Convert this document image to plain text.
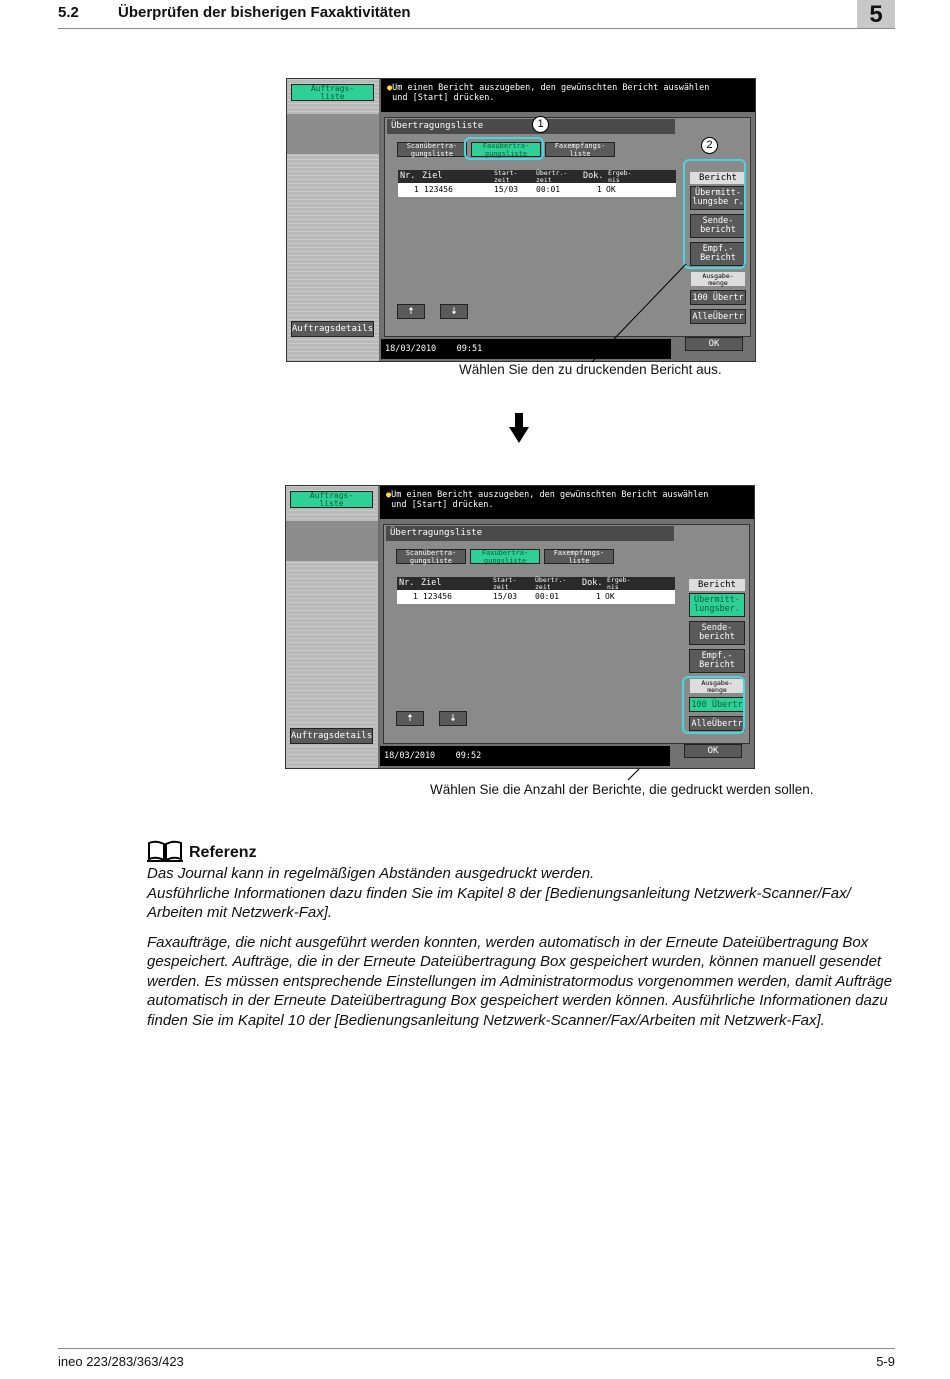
5.2	Überprüfen der bisherigen Faxaktivitäten	5
Auftrags-
liste
Auftragsdetails
●Um einen Bericht auszugeben, den gewünschten Bericht auswählen
und [Start] drücken.
Übertragungsliste
Scanübertra-
gungsliste
Faxübertra-
gungsliste
Faxempfangs-
liste
Nr. Ziel	Start-
zeit
Übertr.-
zeit	Dok. Ergeb-
nis
1 123456	15/03 00:01	1 OK
Bericht
Übermitt-
lungsbe r.
Sende-
bericht
Empf.-
Bericht
Ausgabe-
menge
100 Übertr
AlleÜbertr
🠅	🠇
18/03/2010    09:51	OK
1
2
Wählen Sie den zu druckenden Bericht aus.
Auftrags-
liste
Auftragsdetails
●Um einen Bericht auszugeben, den gewünschten Bericht auswählen
und [Start] drücken.
Übertragungsliste
Scanübertra-
gungsliste
Faxübertra-
gungsliste
Faxempfangs-
liste
Nr. Ziel	Start-
zeit
Übertr.-
zeit	Dok. Ergeb-
nis
1 123456	15/03 00:01	1 OK
Bericht
Übermitt-
lungsber.
Sende-
bericht
Empf.-
Bericht
Ausgabe-
menge
100 Übertr
AlleÜbertr
🠅	🠇
18/03/2010    09:52	OK
Wählen Sie die Anzahl der Berichte, die gedruckt werden sollen.
Referenz

Das Journal kann in regelmäßigen Abständen ausgedruckt werden.

Ausführliche Informationen dazu finden Sie im Kapitel 8 der [Bedienungsanleitung Netzwerk-Scanner/Fax/

Arbeiten mit Netzwerk-Fax].

Faxaufträge, die nicht ausgeführt werden konnten, werden automatisch in der Erneute Dateiübertragung Box gespeichert. Aufträge, die in der Erneute Dateiübertragung Box gespeichert wurden, können manuell gesendet werden. Es müssen entsprechende Einstellungen im Administratormodus vorgenommen werden, damit Aufträge automatisch in der Erneute Dateiübertragung Box gespeichert werden können. Ausführliche Informationen dazu finden Sie im Kapitel 10 der [Bedienungsanleitung Netzwerk-Scanner/Fax/Arbeiten mit Netzwerk-Fax].

ineo 223/283/363/423	5-9
